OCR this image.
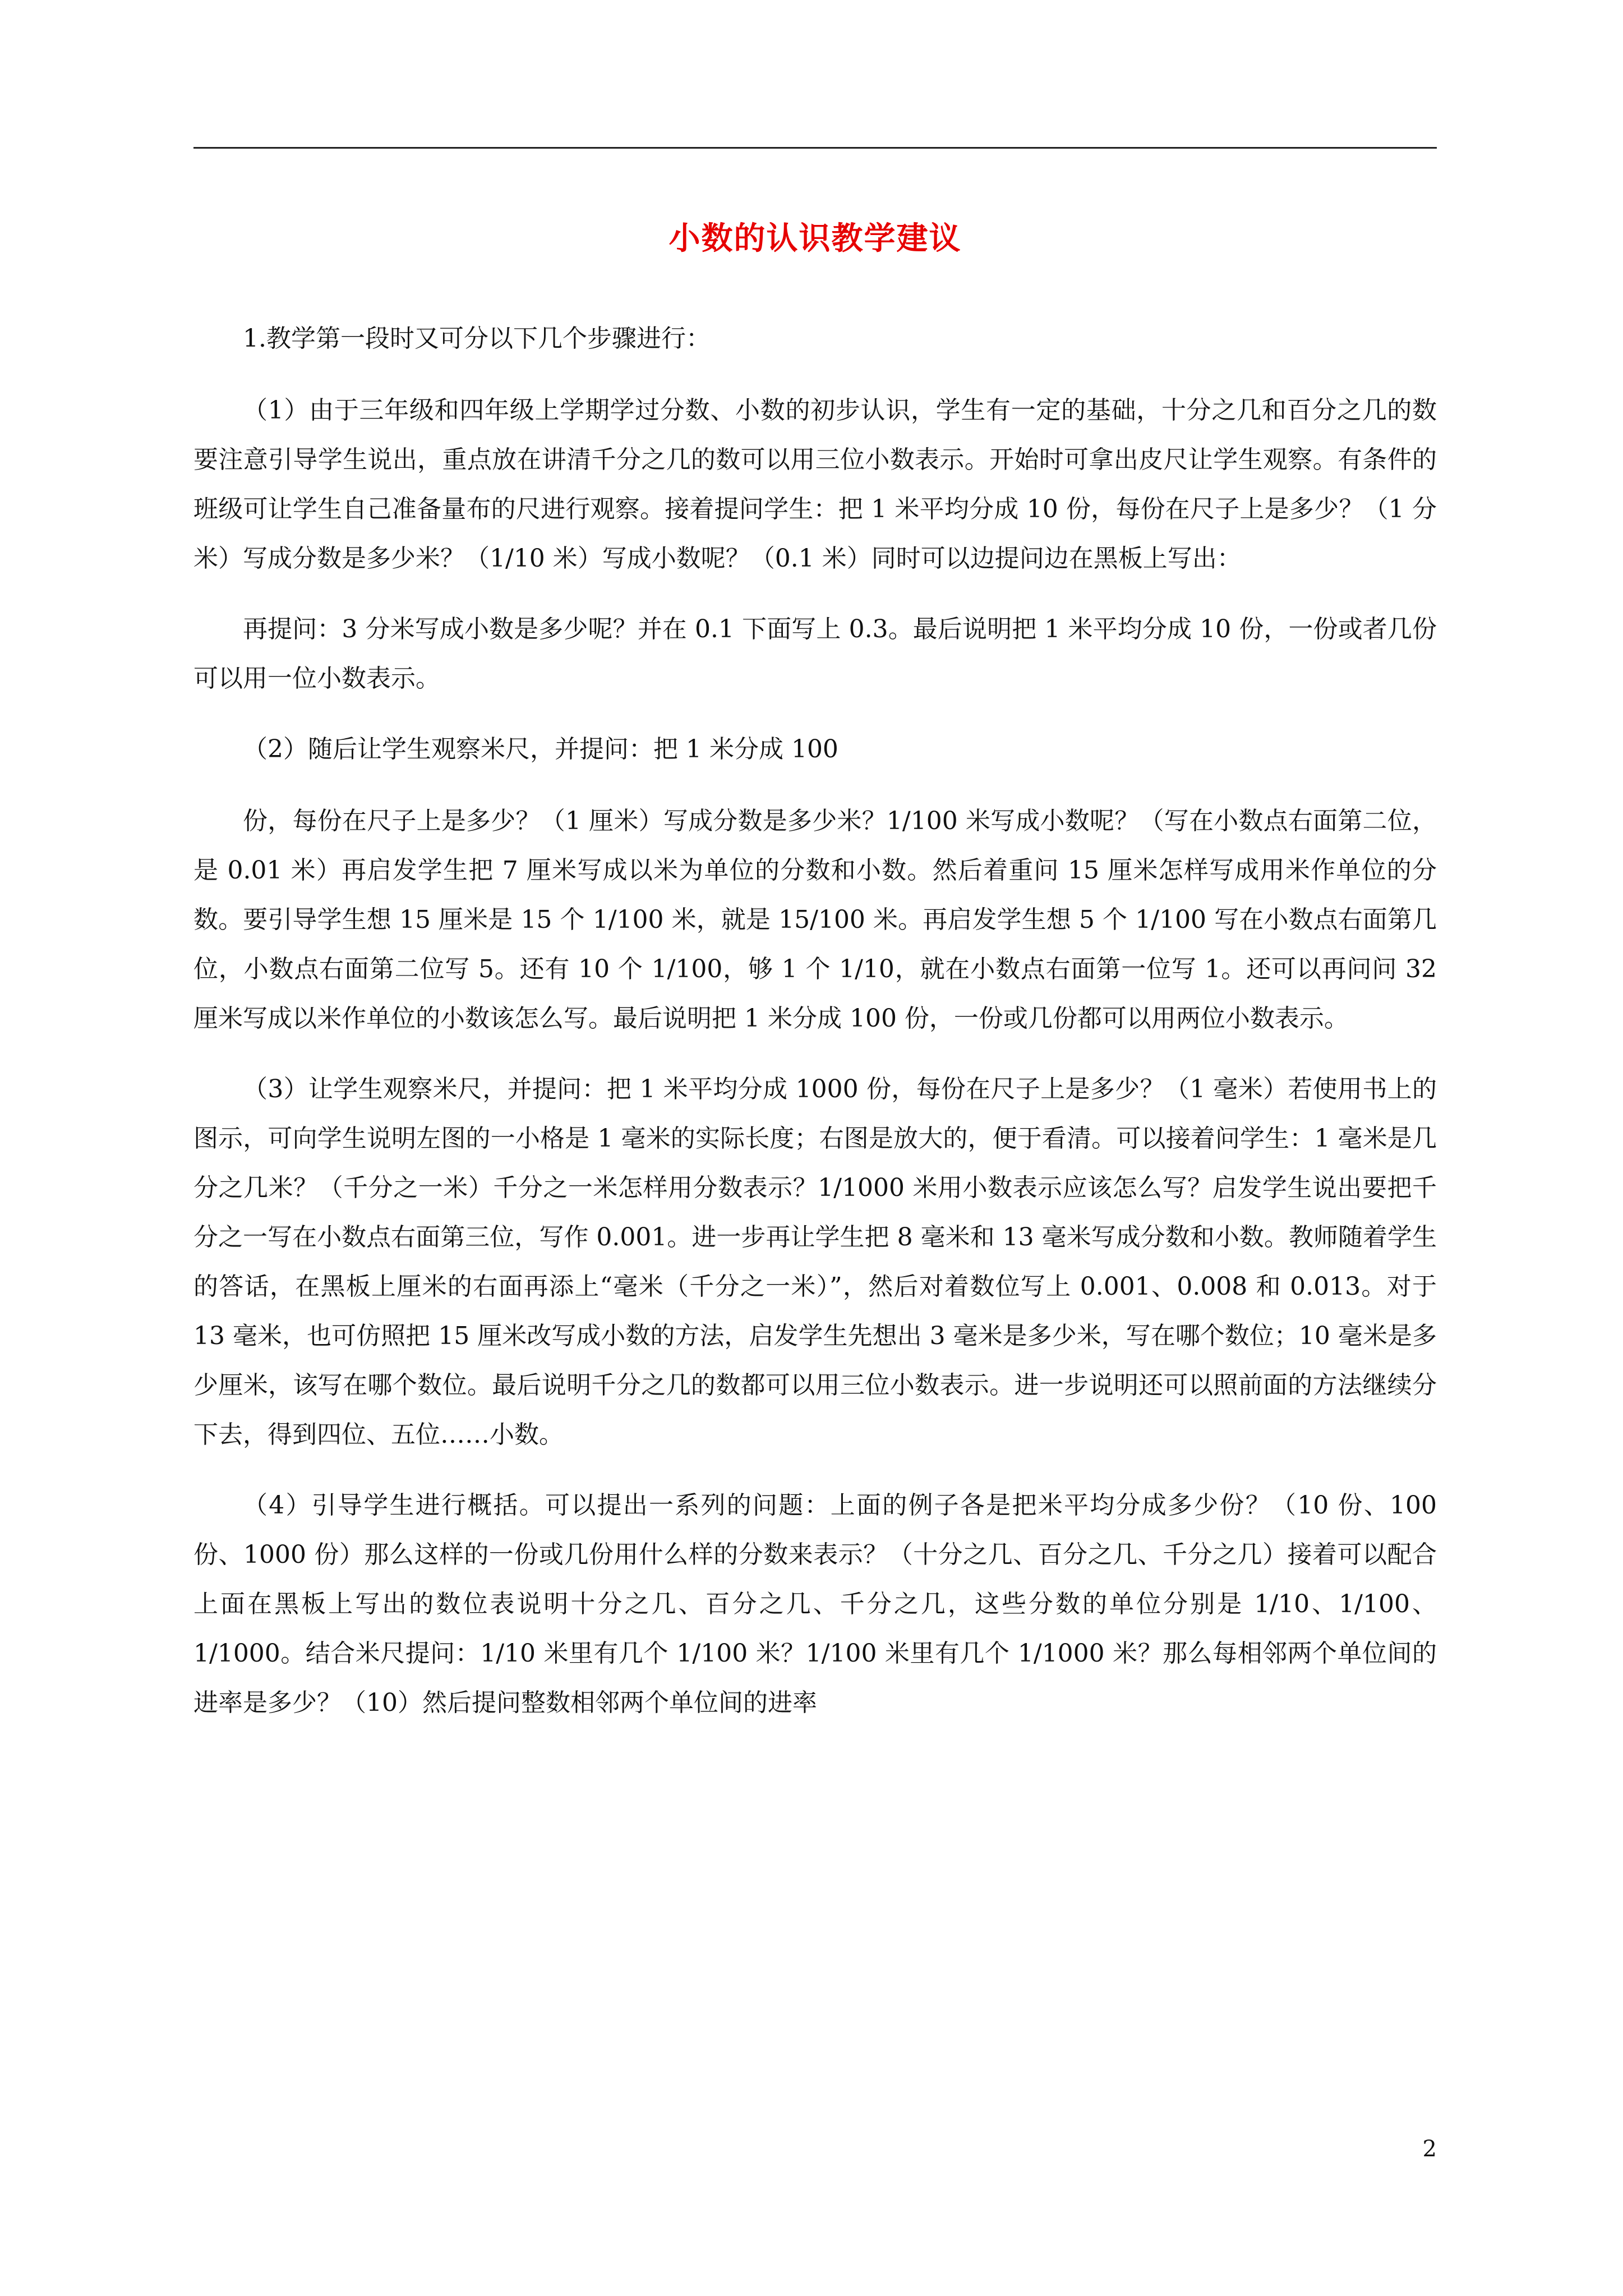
小数的认识教学建议

1.教学第一段时又可分以下几个步骤进行：

（1）由于三年级和四年级上学期学过分数、小数的初步认识，学生有一定的基础，十分之几和百分之几的数要注意引导学生说出，重点放在讲清千分之几的数可以用三位小数表示。开始时可拿出皮尺让学生观察。有条件的班级可让学生自己准备量布的尺进行观察。接着提问学生：把 1 米平均分成 10 份，每份在尺子上是多少？（1 分米）写成分数是多少米？（1/10 米）写成小数呢？（0.1 米）同时可以边提问边在黑板上写出：

再提问：3 分米写成小数是多少呢？并在 0.1 下面写上 0.3。最后说明把 1 米平均分成 10 份，一份或者几份可以用一位小数表示。

（2）随后让学生观察米尺，并提问：把 1 米分成 100

份，每份在尺子上是多少？（1 厘米）写成分数是多少米？1/100 米写成小数呢？（写在小数点右面第二位，是 0.01 米）再启发学生把 7 厘米写成以米为单位的分数和小数。然后着重问 15 厘米怎样写成用米作单位的分数。要引导学生想 15 厘米是 15 个 1/100 米，就是 15/100 米。再启发学生想 5 个 1/100 写在小数点右面第几位，小数点右面第二位写 5。还有 10 个 1/100，够 1 个 1/10，就在小数点右面第一位写 1。还可以再问问 32 厘米写成以米作单位的小数该怎么写。最后说明把 1 米分成 100 份，一份或几份都可以用两位小数表示。

（3）让学生观察米尺，并提问：把 1 米平均分成 1000 份，每份在尺子上是多少？（1 毫米）若使用书上的图示，可向学生说明左图的一小格是 1 毫米的实际长度；右图是放大的，便于看清。可以接着问学生：1 毫米是几分之几米？（千分之一米）千分之一米怎样用分数表示？1/1000 米用小数表示应该怎么写？启发学生说出要把千分之一写在小数点右面第三位，写作 0.001。进一步再让学生把 8 毫米和 13 毫米写成分数和小数。教师随着学生的答话，在黑板上厘米的右面再添上“毫米（千分之一米）”，然后对着数位写上 0.001、0.008 和 0.013。对于 13 毫米，也可仿照把 15 厘米改写成小数的方法，启发学生先想出 3 毫米是多少米，写在哪个数位；10 毫米是多少厘米，该写在哪个数位。最后说明千分之几的数都可以用三位小数表示。进一步说明还可以照前面的方法继续分下去，得到四位、五位……小数。

（4）引导学生进行概括。可以提出一系列的问题：上面的例子各是把米平均分成多少份？（10 份、100 份、1000 份）那么这样的一份或几份用什么样的分数来表示？（十分之几、百分之几、千分之几）接着可以配合上面在黑板上写出的数位表说明十分之几、百分之几、千分之几，这些分数的单位分别是 1/10、1/100、1/1000。结合米尺提问：1/10 米里有几个 1/100 米？1/100 米里有几个 1/1000 米？那么每相邻两个单位间的进率是多少？（10）然后提问整数相邻两个单位间的进率

2
